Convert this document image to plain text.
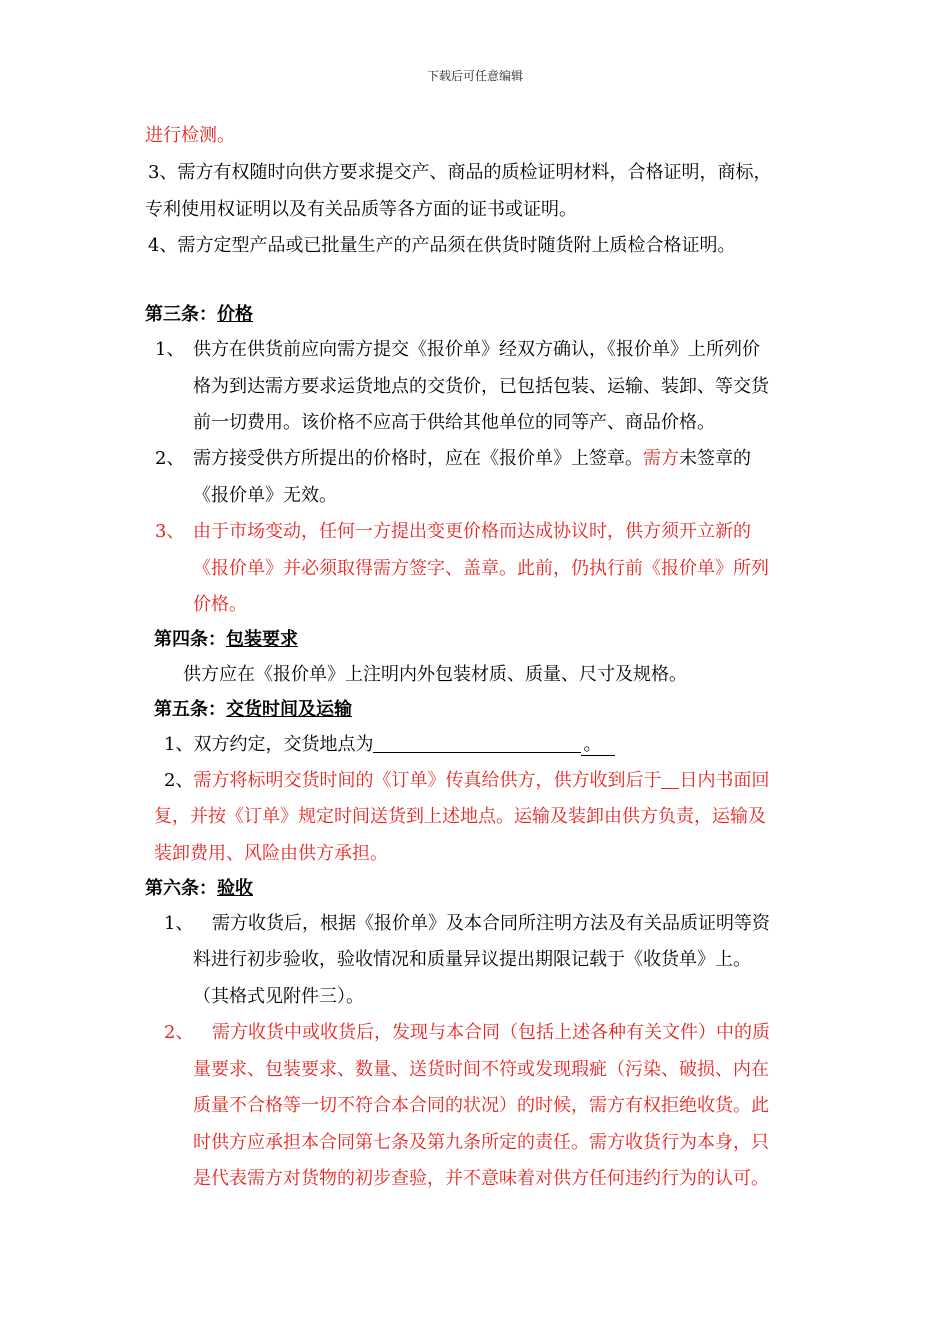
下载后可任意编辑
进行检测。
3、需方有权随时向供方要求提交产、商品的质检证明材料，合格证明，商标，
专利使用权证明以及有关品质等各方面的证书或证明。
4、需方定型产品或已批量生产的产品须在供货时随货附上质检合格证明。
第三条：价格
1、 供方在供货前应向需方提交《报价单》经双方确认，《报价单》上所列价
格为到达需方要求运货地点的交货价，已包括包装、运输、装卸、等交货
前一切费用。该价格不应高于供给其他单位的同等产、商品价格。
2、 需方接受供方所提出的价格时，应在《报价单》上签章。需方未签章的
《报价单》无效。
3、 由于市场变动，任何一方提出变更价格而达成协议时，供方须开立新的
《报价单》并必须取得需方签字、盖章。此前，仍执行前《报价单》所列
价格。
第四条：包装要求
供方应在《报价单》上注明内外包装材质、质量、尺寸及规格。
第五条：交货时间及运输
1、双方约定，交货地点为	。
2、需方将标明交货时间的《订单》传真给供方，供方收到后于 日内书面回
复，并按《订单》规定时间送货到上述地点。运输及装卸由供方负责，运输及
装卸费用、风险由供方承担。
第六条：验收
1、 需方收货后，根据《报价单》及本合同所注明方法及有关品质证明等资
料进行初步验收，验收情况和质量异议提出期限记载于《收货单》上。
（其格式见附件三）。
2、 需方收货中或收货后，发现与本合同（包括上述各种有关文件）中的质
量要求、包装要求、数量、送货时间不符或发现瑕疵（污染、破损、内在
质量不合格等一切不符合本合同的状况）的时候，需方有权拒绝收货。此
时供方应承担本合同第七条及第九条所定的责任。需方收货行为本身，只
是代表需方对货物的初步查验，并不意味着对供方任何违约行为的认可。
